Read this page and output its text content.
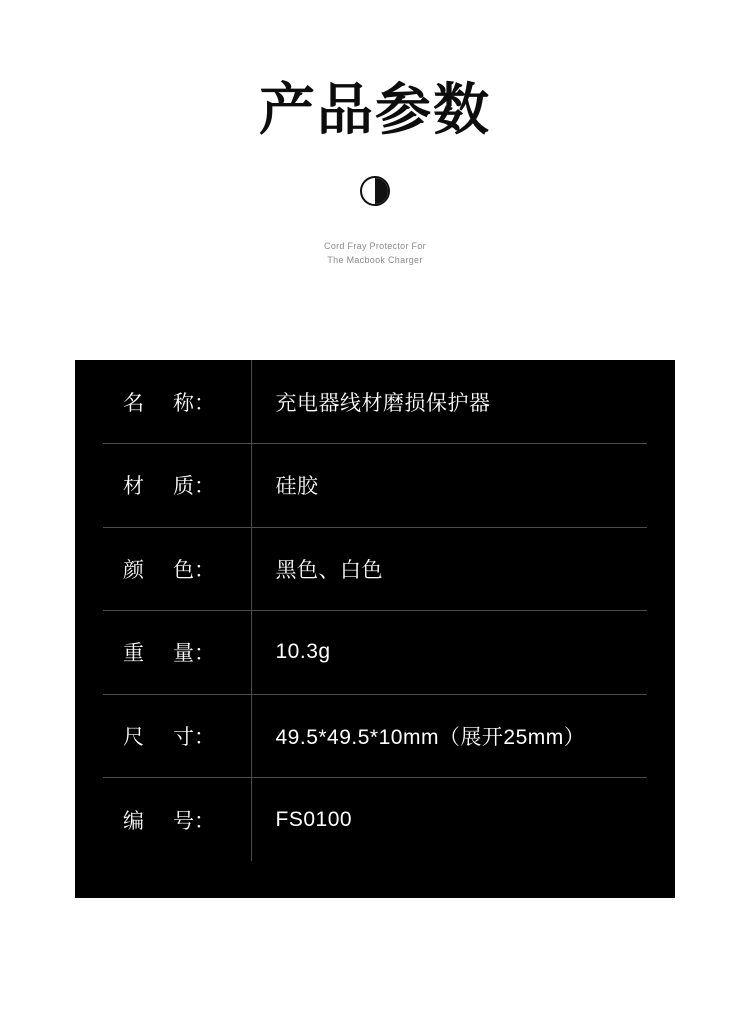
产品参数
Cord Fray Protector For
The Macbook Charger
名 称：	充电器线材磨损保护器

材 质：	硅胶

颜 色：	黑色、白色

重 量：	10.3g

尺 寸：	49.5*49.5*10mm（展开25mm）

编 号：	FS0100
